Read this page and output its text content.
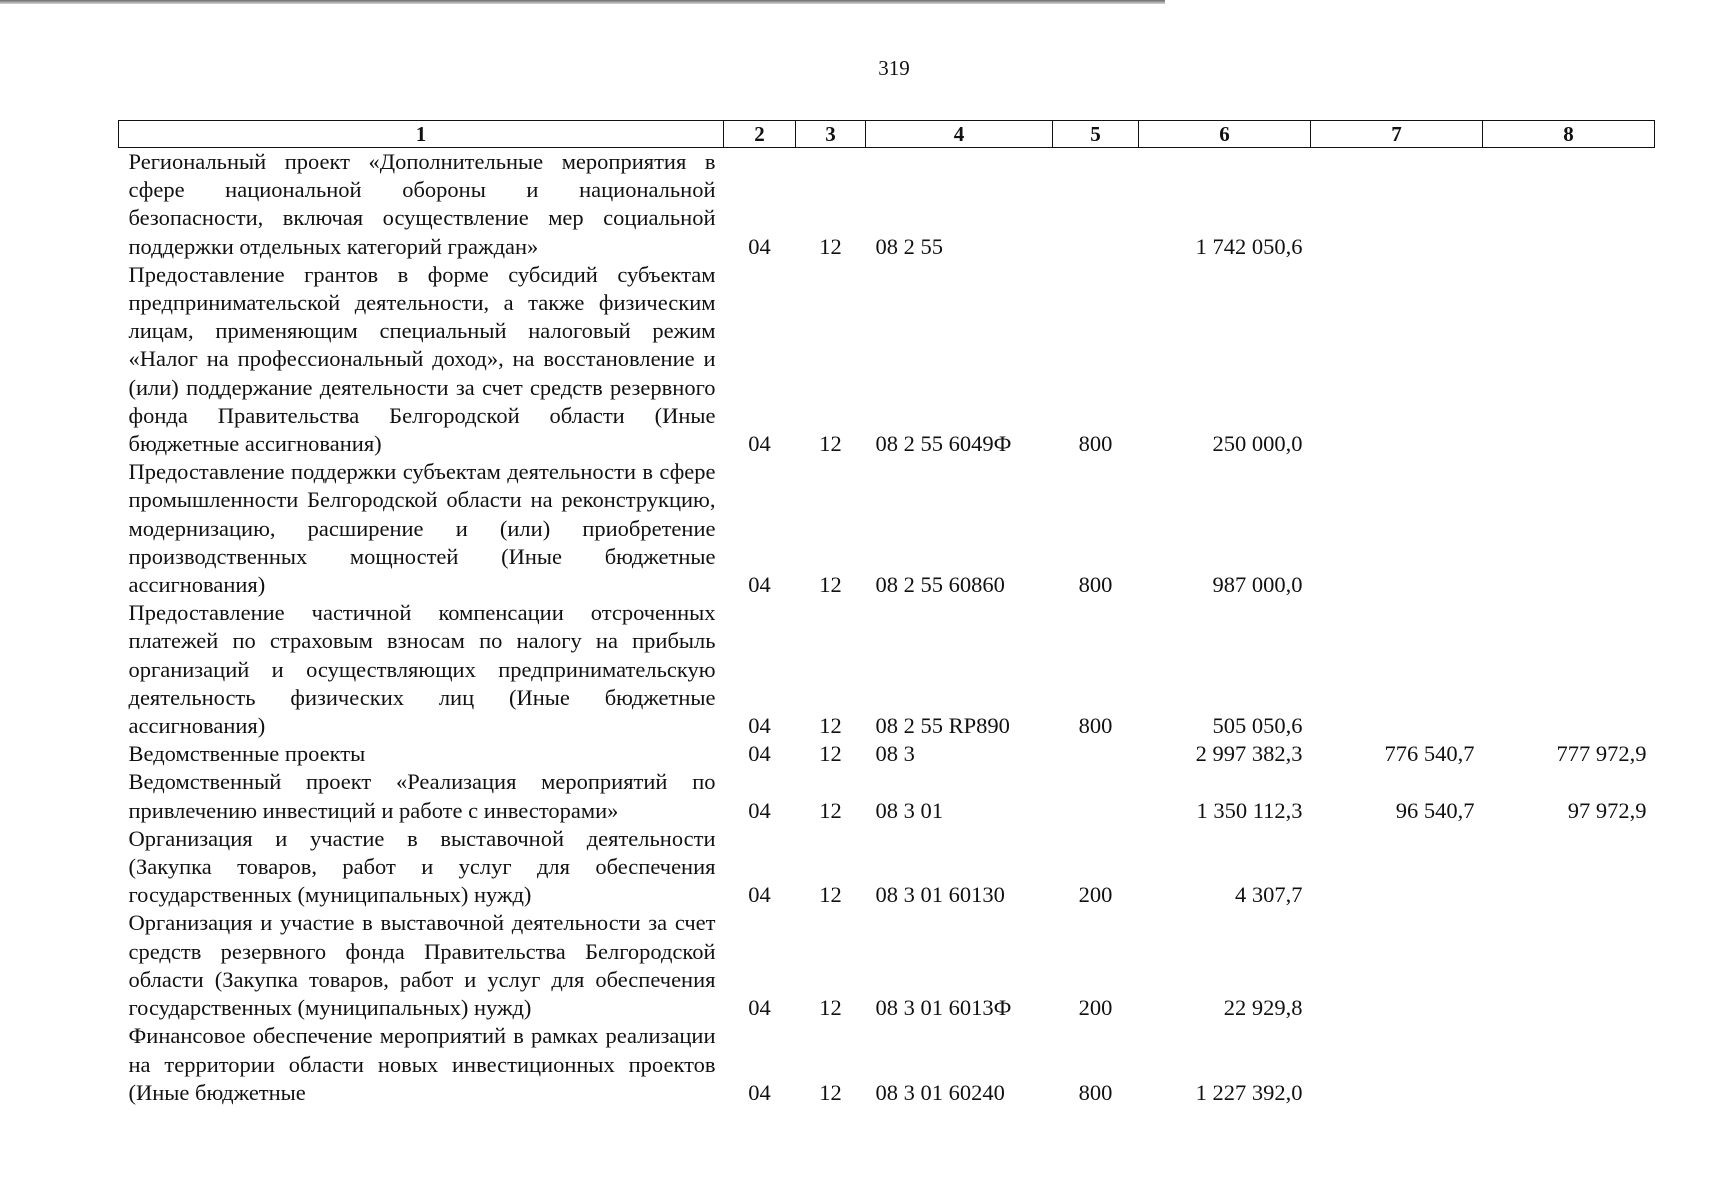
319
1	2	3	4	5	6	7	8
Региональный проект «Дополнительные мероприятия в сфере национальной обороны и национальной безопасности, включая осуществление мер социальной поддержки отдельных категорий граждан»	04	12	08 2 55		1 742 050,6		
Предоставление грантов в форме субсидий субъектам предпринимательской деятельности, а также физическим лицам, применяющим специальный налоговый режим «Налог на профессиональный доход», на восстановление и (или) поддержание деятельности за счет средств резервного фонда Правительства Белгородской области (Иные бюджетные ассигнования)	04	12	08 2 55 6049Ф	800	250 000,0		
Предоставление поддержки субъектам деятельности в сфере промышленности Белгородской области на реконструкцию, модернизацию, расширение и (или) приобретение производственных мощностей (Иные бюджетные ассигнования)	04	12	08 2 55 60860	800	987 000,0		
Предоставление частичной компенсации отсроченных платежей по страховым взносам по налогу на прибыль организаций и осуществляющих предпринимательскую деятельность физических лиц (Иные бюджетные ассигнования)	04	12	08 2 55 RP890	800	505 050,6		
Ведомственные проекты	04	12	08 3		2 997 382,3	776 540,7	777 972,9
Ведомственный проект «Реализация мероприятий по привлечению инвестиций и работе с инвесторами»	04	12	08 3 01		1 350 112,3	96 540,7	97 972,9
Организация и участие в выставочной деятельности (Закупка товаров, работ и услуг для обеспечения государственных (муниципальных) нужд)	04	12	08 3 01 60130	200	4 307,7		
Организация и участие в выставочной деятельности за счет средств резервного фонда Правительства Белгородской области (Закупка товаров, работ и услуг для обеспечения государственных (муниципальных) нужд)	04	12	08 3 01 6013Ф	200	22 929,8		
Финансовое обеспечение мероприятий в рамках реализации на территории области новых инвестиционных проектов (Иные бюджетные	04	12	08 3 01 60240	800	1 227 392,0		
